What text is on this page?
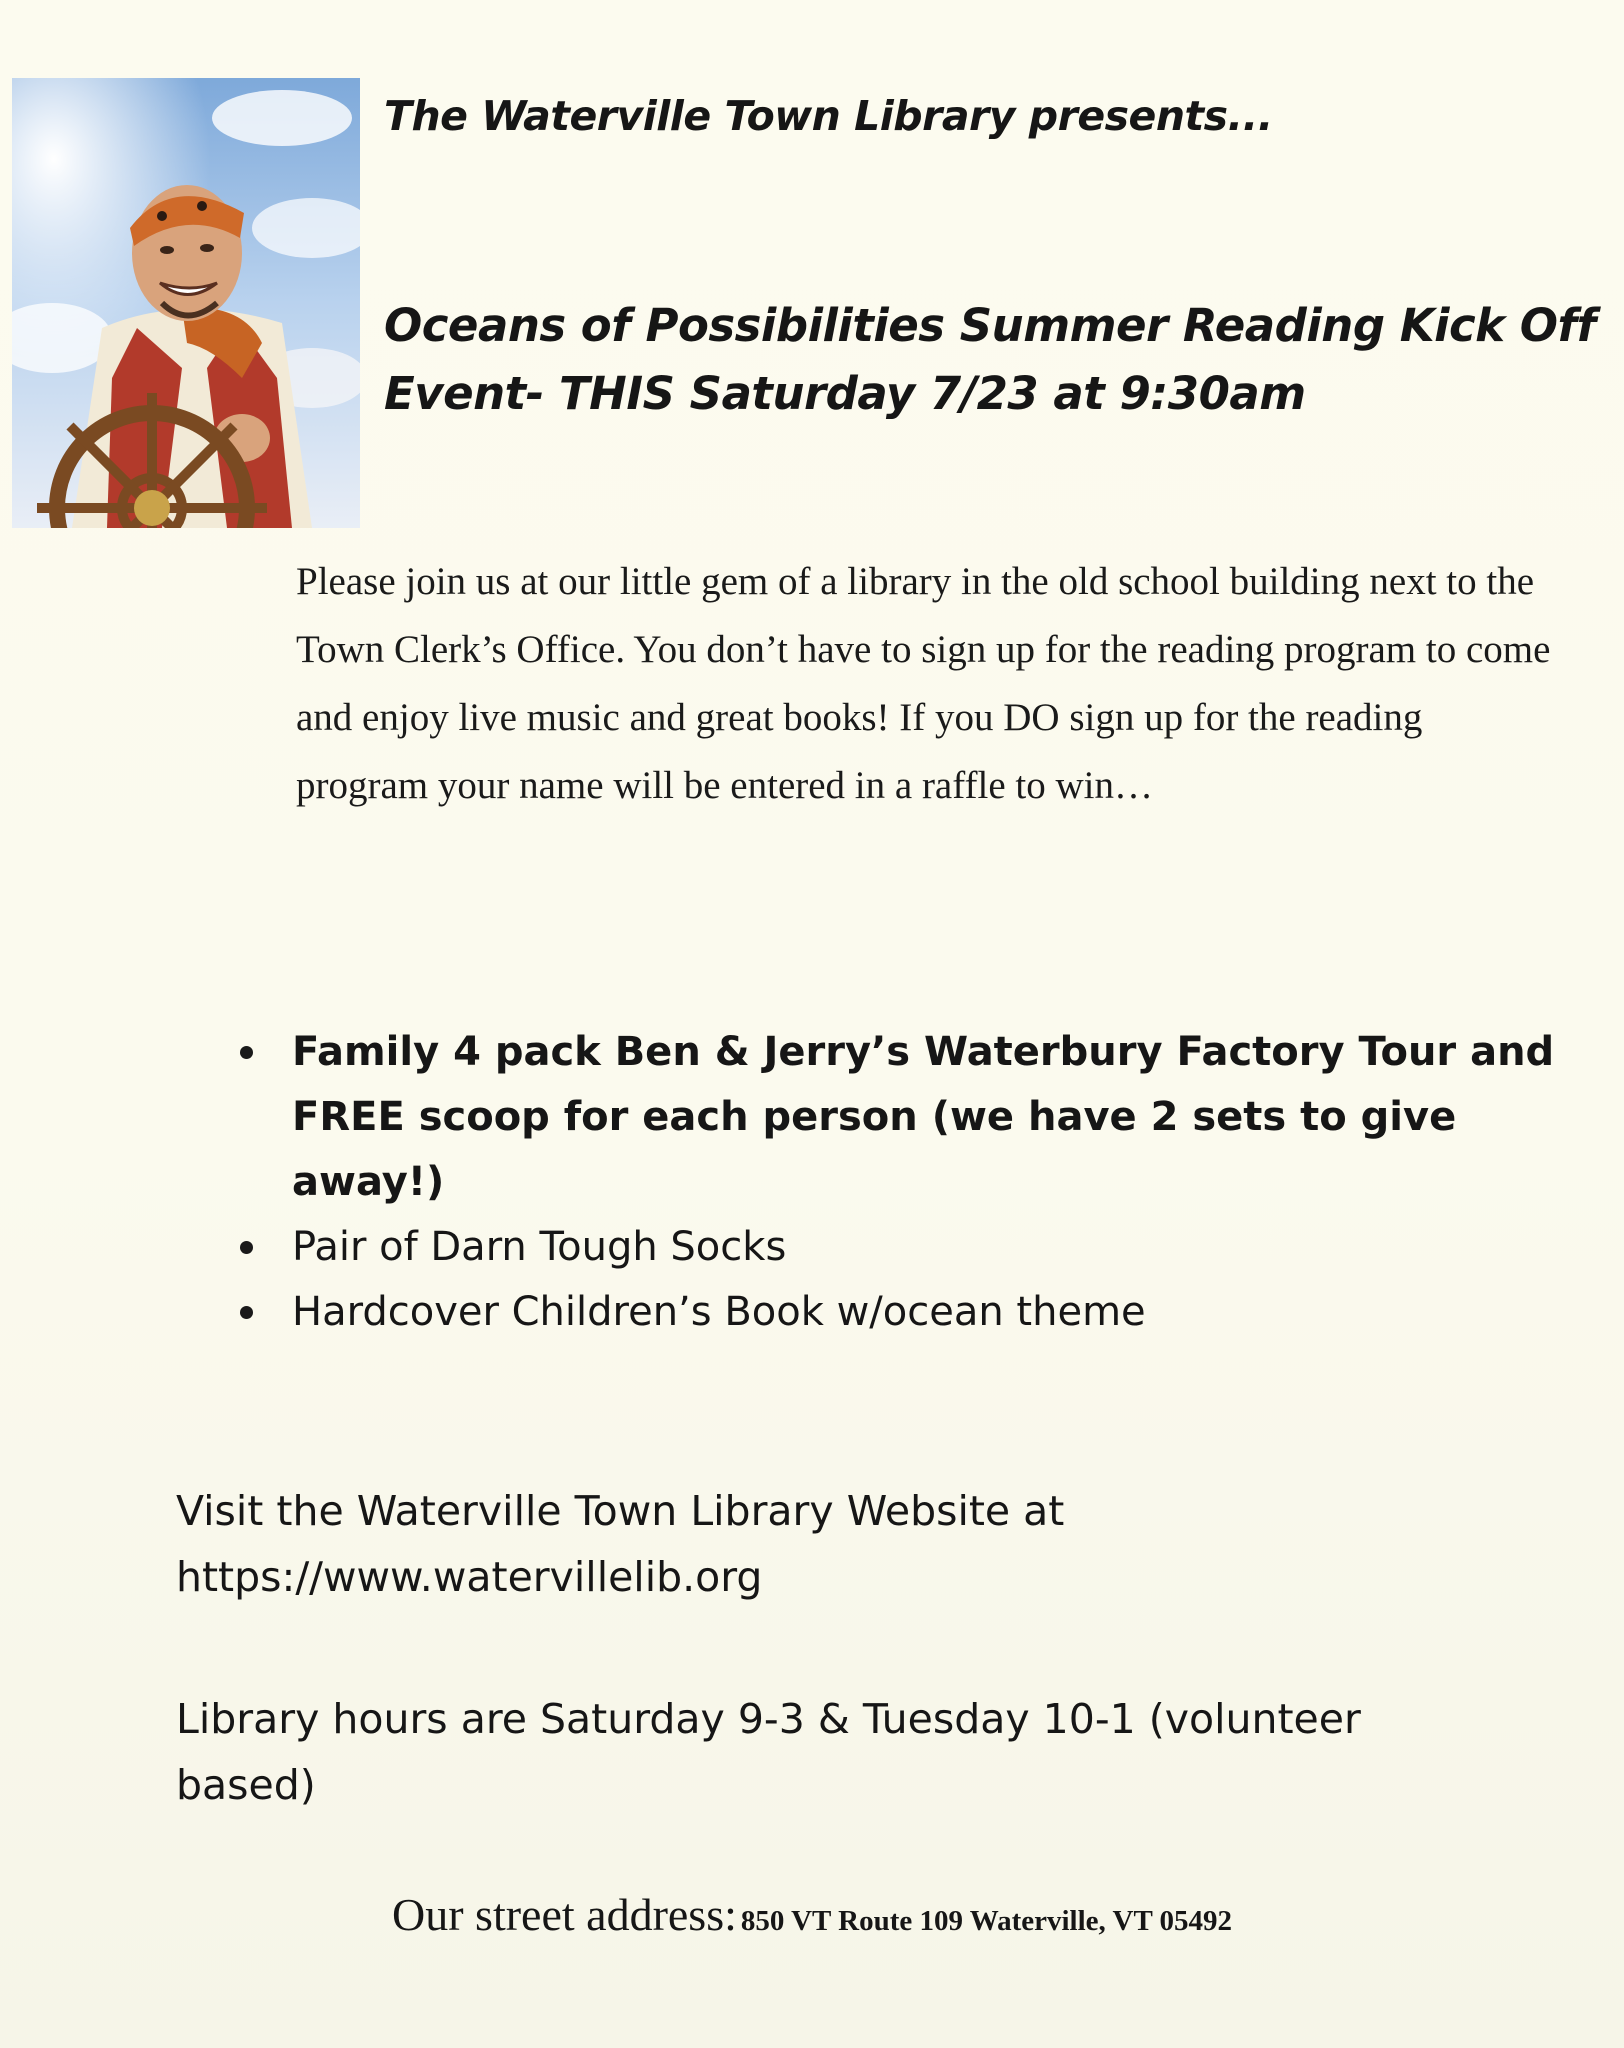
The Waterville Town Library presents...
Oceans of Possibilities Summer Reading Kick Off
Event- THIS Saturday 7/23 at 9:30am

Please join us at our little gem of a library in the old school building next to the Town Clerk’s Office. You don’t have to sign up for the reading program to come and enjoy live music and great books! If you DO sign up for the reading program your name will be entered in a raffle to win…

Family 4 pack Ben & Jerry’s Waterbury Factory Tour and FREE scoop for each person (we have 2 sets to give away!)
Pair of Darn Tough Socks
Hardcover Children’s Book w/ocean theme
Visit the Waterville Town Library Website at
https://www.watervillelib.org

Library hours are Saturday 9-3 & Tuesday 10-1 (volunteer based)

Our street address: 850 VT Route 109 Waterville, VT 05492
